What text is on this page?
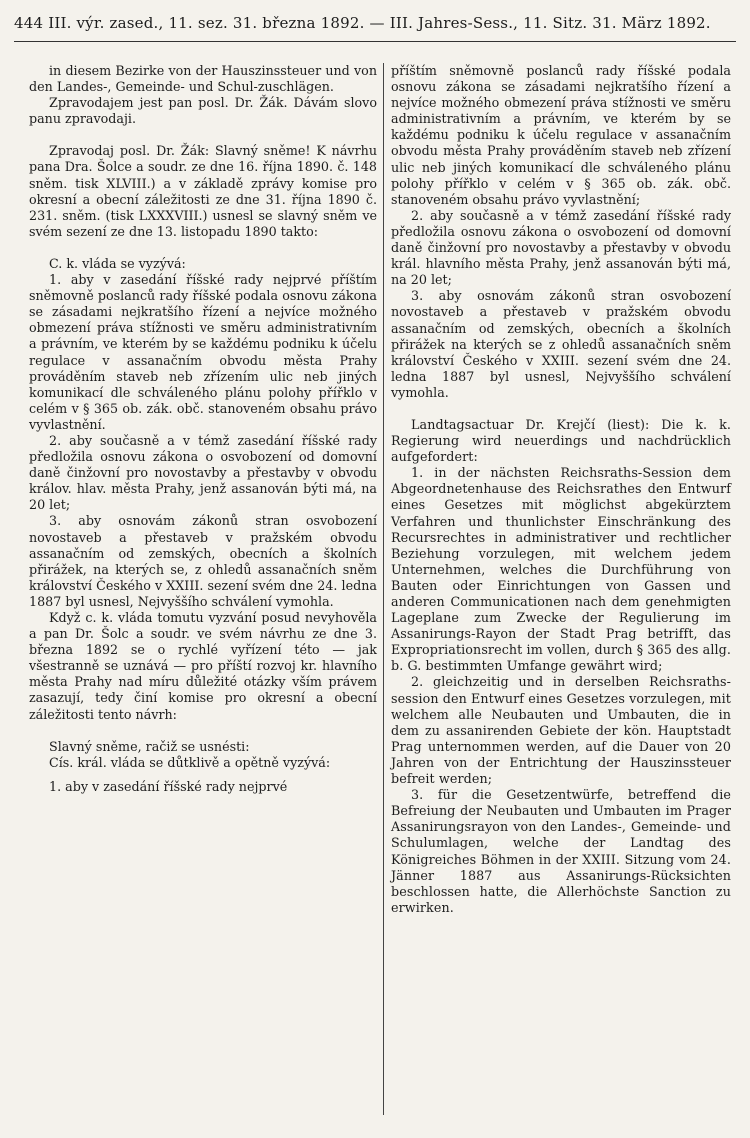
444 III. výr. zased., 11. sez. 31. března 1892. — III. Jahres-Sess., 11. Sitz. 31. März 1892.

in diesem Bezirke von der Hauszinssteuer und von den Landes-, Gemeinde- und Schul-zuschlägen.

Zpravodajem jest pan posl. Dr. Žák. Dávám slovo panu zpravodaji.

Zpravodaj posl. Dr. Žák: Slavný sněme! K návrhu pana Dra. Šolce a soudr. ze dne 16. října 1890. č. 148 sněm. tisk XLVIII.) a v základě zprávy komise pro okresní a obecní záležitosti ze dne 31. října 1890 č. 231. sněm. (tisk LXXXVIII.) usnesl se slavný sněm ve svém sezení ze dne 13. listopadu 1890 takto:

C. k. vláda se vyzývá:

1. aby v zasedání říšské rady nejprvé příštím sněmovně poslanců rady říšské podala osnovu zákona se zásadami nejkratšího řízení a nejvíce možného obmezení práva stížnosti ve směru administrativním a právním, ve kterém by se každému podniku k účelu regulace v assanačním obvodu města Prahy prováděním staveb neb zřízením ulic neb jiných komunikací dle schváleného plánu polohy přířklo v celém v § 365 ob. zák. obč. stanoveném obsahu právo vyvlastnění.

2. aby současně a v témž zasedání říšské rady předložila osnovu zákona o osvobození od domovní daně činžovní pro novostavby a přestavby v obvodu králov. hlav. města Prahy, jenž assanován býti má, na 20 let;

3. aby osnovám zákonů stran osvobození novostaveb a přestaveb v pražském obvodu assanačním od zemských, obecních a školních přirážek, na kterých se, z ohledů assanačních sněm království Českého v XXIII. sezení svém dne 24. ledna 1887 byl usnesl, Nejvyššího schválení vymohla.

Když c. k. vláda tomutu vyzvání posud nevyhověla a pan Dr. Šolc a soudr. ve svém návrhu ze dne 3. března 1892 se o rychlé vyřízení této — jak všestranně se uznává — pro příští rozvoj kr. hlavního města Prahy nad míru důležité otázky vším právem zasazují, tedy činí komise pro okresní a obecní záležitosti tento návrh:

Slavný sněme, račiž se usnésti:

Cís. král. vláda se důtklivě a opětně vyzývá:

1. aby v zasedání říšské rady nejprvé

příštím sněmovně poslanců rady říšské podala osnovu zákona se zásadami nejkratšího řízení a nejvíce možného obmezení práva stížnosti ve směru administrativním a právním, ve kterém by se každému podniku k účelu regulace v assanačním obvodu města Prahy prováděním staveb neb zřízení ulic neb jiných komunikací dle schváleného plánu polohy přířklo v celém v § 365 ob. zák. obč. stanoveném obsahu právo vyvlastnění;

2. aby současně a v témž zasedání říšské rady předložila osnovu zákona o osvobození od domovní daně činžovní pro novostavby a přestavby v obvodu král. hlavního města Prahy, jenž assanován býti má, na 20 let;

3. aby osnovám zákonů stran osvobození novostaveb a přestaveb v pražském obvodu assanačním od zemských, obecních a školních přirážek na kterých se z ohledů assanačních sněm království Českého v XXIII. sezení svém dne 24. ledna 1887 byl usnesl, Nejvyššího schválení vymohla.

Landtagsactuar Dr. Krejčí (liest): Die k. k. Regierung wird neuerdings und nachdrücklich aufgefordert:

1. in der nächsten Reichsraths-Session dem Abgeordnetenhause des Reichsrathes den Entwurf eines Gesetzes mit möglichst abgekürztem Verfahren und thunlichster Einschränkung des Recursrechtes in administrativer und rechtlicher Beziehung vorzulegen, mit welchem jedem Unternehmen, welches die Durchführung von Bauten oder Einrichtungen von Gassen und anderen Communicationen nach dem genehmigten Lageplane zum Zwecke der Regulierung im Assanirungs-Rayon der Stadt Prag betrifft, das Expropriationsrecht im vollen, durch § 365 des allg. b. G. bestimmten Umfange gewährt wird;

2. gleichzeitig und in derselben Reichsraths-session den Entwurf eines Gesetzes vorzulegen, mit welchem alle Neubauten und Umbauten, die in dem zu assanirenden Gebiete der kön. Hauptstadt Prag unternommen werden, auf die Dauer von 20 Jahren von der Entrichtung der Hauszinssteuer befreit werden;

3. für die Gesetzentwürfe, betreffend die Befreiung der Neubauten und Umbauten im Prager Assanirungsrayon von den Landes-, Gemeinde- und Schulumlagen, welche der Landtag des Königreiches Böhmen in der XXIII. Sitzung vom 24. Jänner 1887 aus Assanirungs-Rücksichten beschlossen hatte, die Allerhöchste Sanction zu erwirken.
